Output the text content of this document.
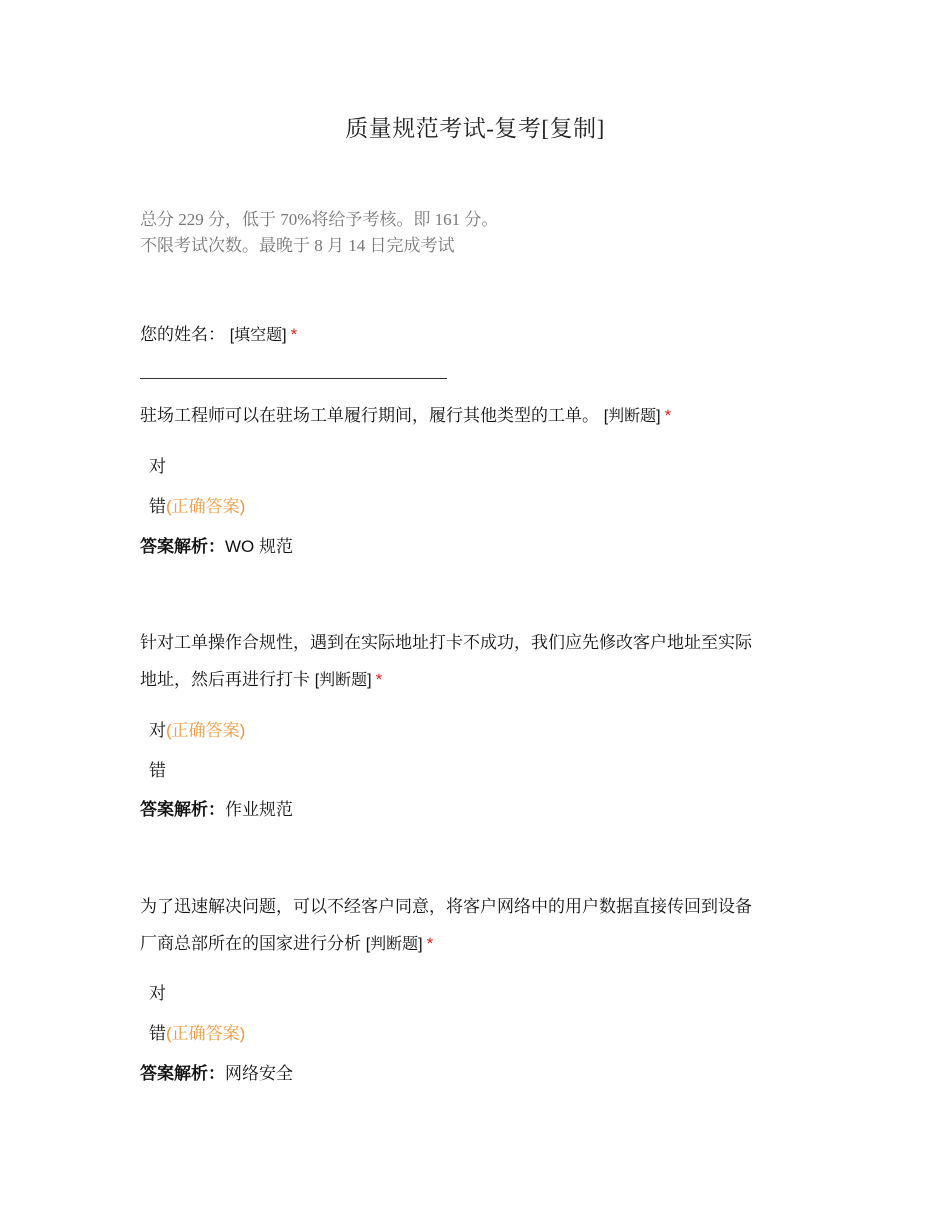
质量规范考试-复考[复制]
总分 229 分，低于 70%将给予考核。即 161 分。
不限考试次数。最晚于 8 月 14 日完成考试
您的姓名： [填空题] *
驻场工程师可以在驻场工单履行期间，履行其他类型的工单。 [判断题] *
对
错(正确答案)
答案解析：WO 规范
针对工单操作合规性，遇到在实际地址打卡不成功，我们应先修改客户地址至实际
地址，然后再进行打卡 [判断题] *
对(正确答案)
错
答案解析：作业规范
为了迅速解决问题，可以不经客户同意，将客户网络中的用户数据直接传回到设备
厂商总部所在的国家进行分析 [判断题] *
对
错(正确答案)
答案解析：网络安全
